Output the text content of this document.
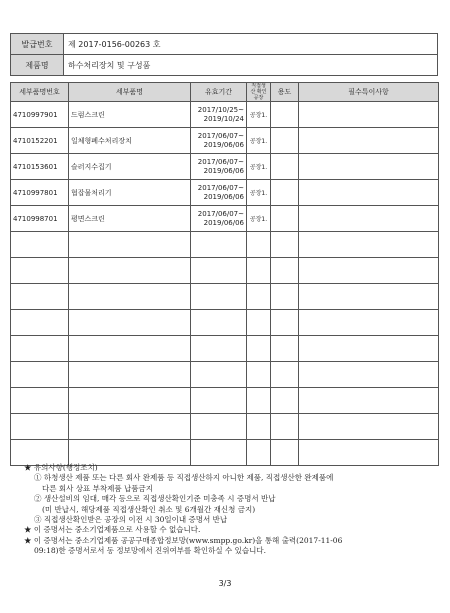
발급번호	제 2017-0156-00263 호
제품명	하수처리장치 및 구성품
세부품명번호	세부품명	유효기간	직접생산 확인공장	용도	필수특이사항
4710997901	드럼스크린	2017/10/25~
2019/10/24	공장1.		
4710152201	일체형폐수처리장치	2017/06/07~
2019/06/06	공장1.		
4710153601	슬러지수집기	2017/06/07~
2019/06/06	공장1.		
4710997801	협잡물처리기	2017/06/07~
2019/06/06	공장1.		
4710998701	평면스크린	2017/06/07~
2019/06/06	공장1.		

★ 유의사항(행정조치)
① 하청생산 제품 또는 다른 회사 완제품 등 직접생산하지 아니한 제품, 직접생산한 완제품에
다른 회사 상표 부착제품 납품금지
② 생산설비의 임대, 매각 등으로 직접생산확인기준 미충족 시 증명서 반납
(미 반납시, 해당제품 직접생산확인 취소 및 6개월간 재신청 금지)
③ 직접생산확인받은 공장의 이전 시 30일이내 증명서 반납
★ 이 증명서는 중소기업제품으로 사용할 수 없습니다.
★ 이 증명서는 중소기업제품 공공구매종합정보망(www.smpp.go.kr)을 통해 출력(2017-11-06
09:18)한 증명서로서 동 정보망에서 진위여부를 확인하실 수 있습니다.
3/3
